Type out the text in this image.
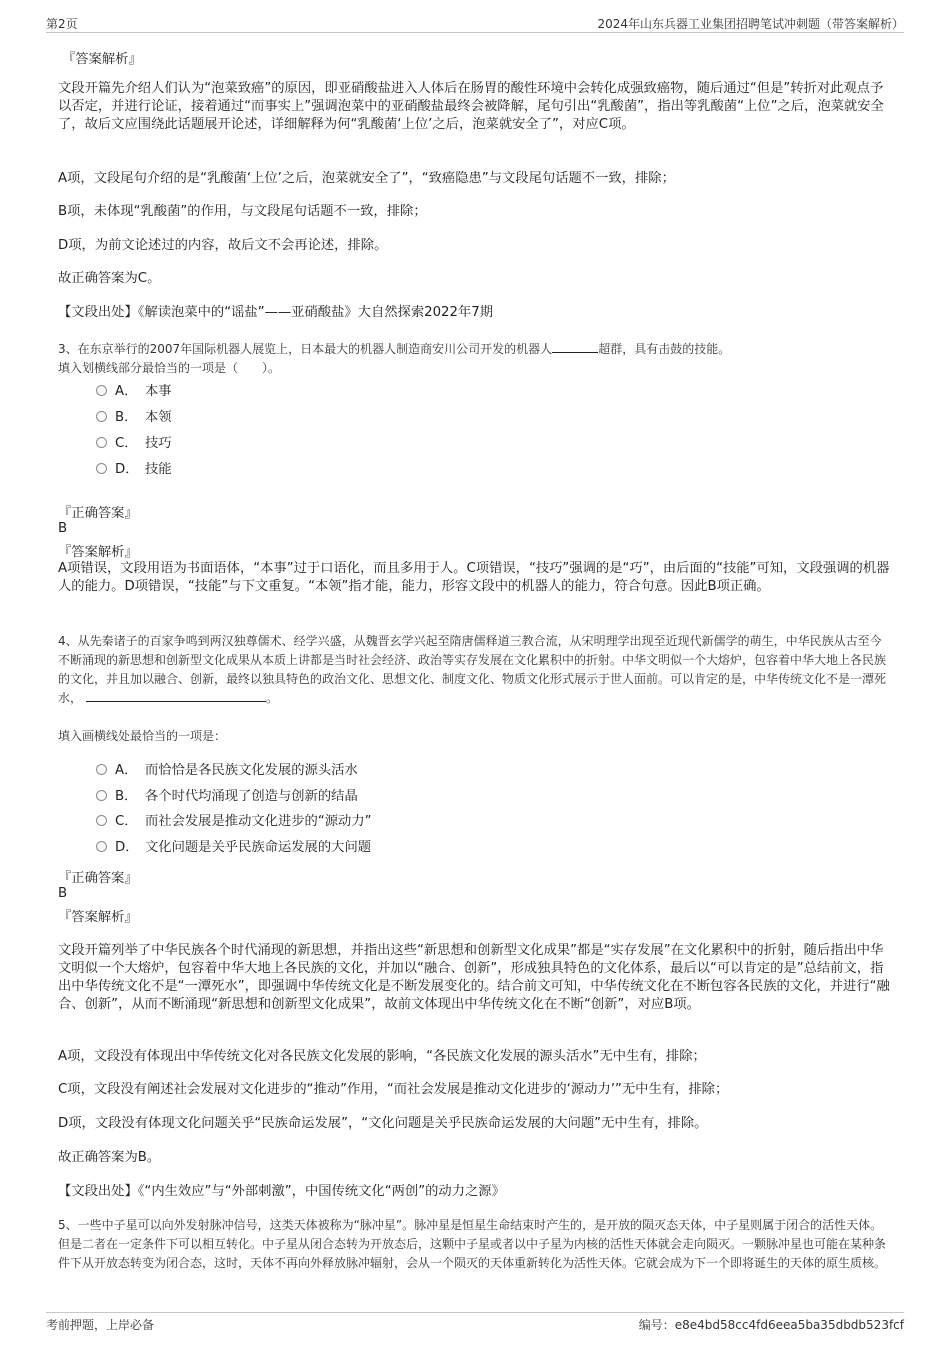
第2页	2024年山东兵器工业集团招聘笔试冲刺题（带答案解析）
『答案解析』
文段开篇先介绍人们认为“泡菜致癌”的原因，即亚硝酸盐进入人体后在肠胃的酸性环境中会转化成强致癌物，随后通过“但是”转折对此观点予以否定，并进行论证，接着通过“而事实上”强调泡菜中的亚硝酸盐最终会被降解，尾句引出“乳酸菌”，指出等乳酸菌“上位”之后，泡菜就安全了，故后文应围绕此话题展开论述，详细解释为何“乳酸菌‘上位’之后，泡菜就安全了”，对应C项。
A项，文段尾句介绍的是“乳酸菌‘上位’之后，泡菜就安全了”，“致癌隐患”与文段尾句话题不一致，排除；
B项，未体现“乳酸菌”的作用，与文段尾句话题不一致，排除；
D项，为前文论述过的内容，故后文不会再论述，排除。
故正确答案为C。
【文段出处】《解读泡菜中的“谣盐”——亚硝酸盐》大自然探索2022年7期
3、在东京举行的2007年国际机器人展览上，日本最大的机器人制造商安川公司开发的机器人	超群，具有击鼓的技能。
填入划横线部分最恰当的一项是（　　）。
A． 本事
B． 本领
C． 技巧
D． 技能
『正确答案』
B
『答案解析』
A项错误，文段用语为书面语体，“本事”过于口语化，而且多用于人。C项错误，“技巧”强调的是“巧”，由后面的“技能”可知，文段强调的机器人的能力。D项错误，“技能”与下文重复。“本领”指才能，能力，形容文段中的机器人的能力，符合句意。因此B项正确。
4、从先秦诸子的百家争鸣到两汉独尊儒术、经学兴盛，从魏晋玄学兴起至隋唐儒释道三教合流，从宋明理学出现至近现代新儒学的萌生，中华民族从古至今不断涌现的新思想和创新型文化成果从本质上讲都是当时社会经济、政治等实存发展在文化累积中的折射。中华文明似一个大熔炉，包容着中华大地上各民族的文化，并且加以融合、创新，最终以独具特色的政治文化、思想文化、制度文化、物质文化形式展示于世人面前。可以肯定的是，中华传统文化不是一潭死水，	。
填入画横线处最恰当的一项是：
A． 而恰恰是各民族文化发展的源头活水
B． 各个时代均涌现了创造与创新的结晶
C． 而社会发展是推动文化进步的“源动力”
D． 文化问题是关乎民族命运发展的大问题
『正确答案』
B
『答案解析』
文段开篇列举了中华民族各个时代涌现的新思想，并指出这些“新思想和创新型文化成果”都是“实存发展”在文化累积中的折射，随后指出中华文明似一个大熔炉，包容着中华大地上各民族的文化，并加以“融合、创新”，形成独具特色的文化体系，最后以“可以肯定的是”总结前文，指出中华传统文化不是“一潭死水”，即强调中华传统文化是不断发展变化的。结合前文可知，中华传统文化在不断包容各民族的文化，并进行“融合、创新”，从而不断涌现“新思想和创新型文化成果”，故前文体现出中华传统文化在不断“创新”，对应B项。
A项，文段没有体现出中华传统文化对各民族文化发展的影响，“各民族文化发展的源头活水”无中生有，排除；
C项，文段没有阐述社会发展对文化进步的“推动”作用，“而社会发展是推动文化进步的‘源动力’”无中生有，排除；
D项，文段没有体现文化问题关乎“民族命运发展”，“文化问题是关乎民族命运发展的大问题”无中生有，排除。
故正确答案为B。
【文段出处】《“内生效应”与“外部刺激”，中国传统文化“两创”的动力之源》
5、一些中子星可以向外发射脉冲信号，这类天体被称为“脉冲星”。脉冲星是恒星生命结束时产生的，是开放的陨灭态天体，中子星则属于闭合的活性天体。但是二者在一定条件下可以相互转化。中子星从闭合态转为开放态后，这颗中子星或者以中子星为内核的活性天体就会走向陨灭。一颗脉冲星也可能在某种条件下从开放态转变为闭合态，这时，天体不再向外释放脉冲辐射，会从一个陨灭的天体重新转化为活性天体。它就会成为下一个即将诞生的天体的原生质核。
考前押题，上岸必备	编号：e8e4bd58cc4fd6eea5ba35dbdb523fcf
